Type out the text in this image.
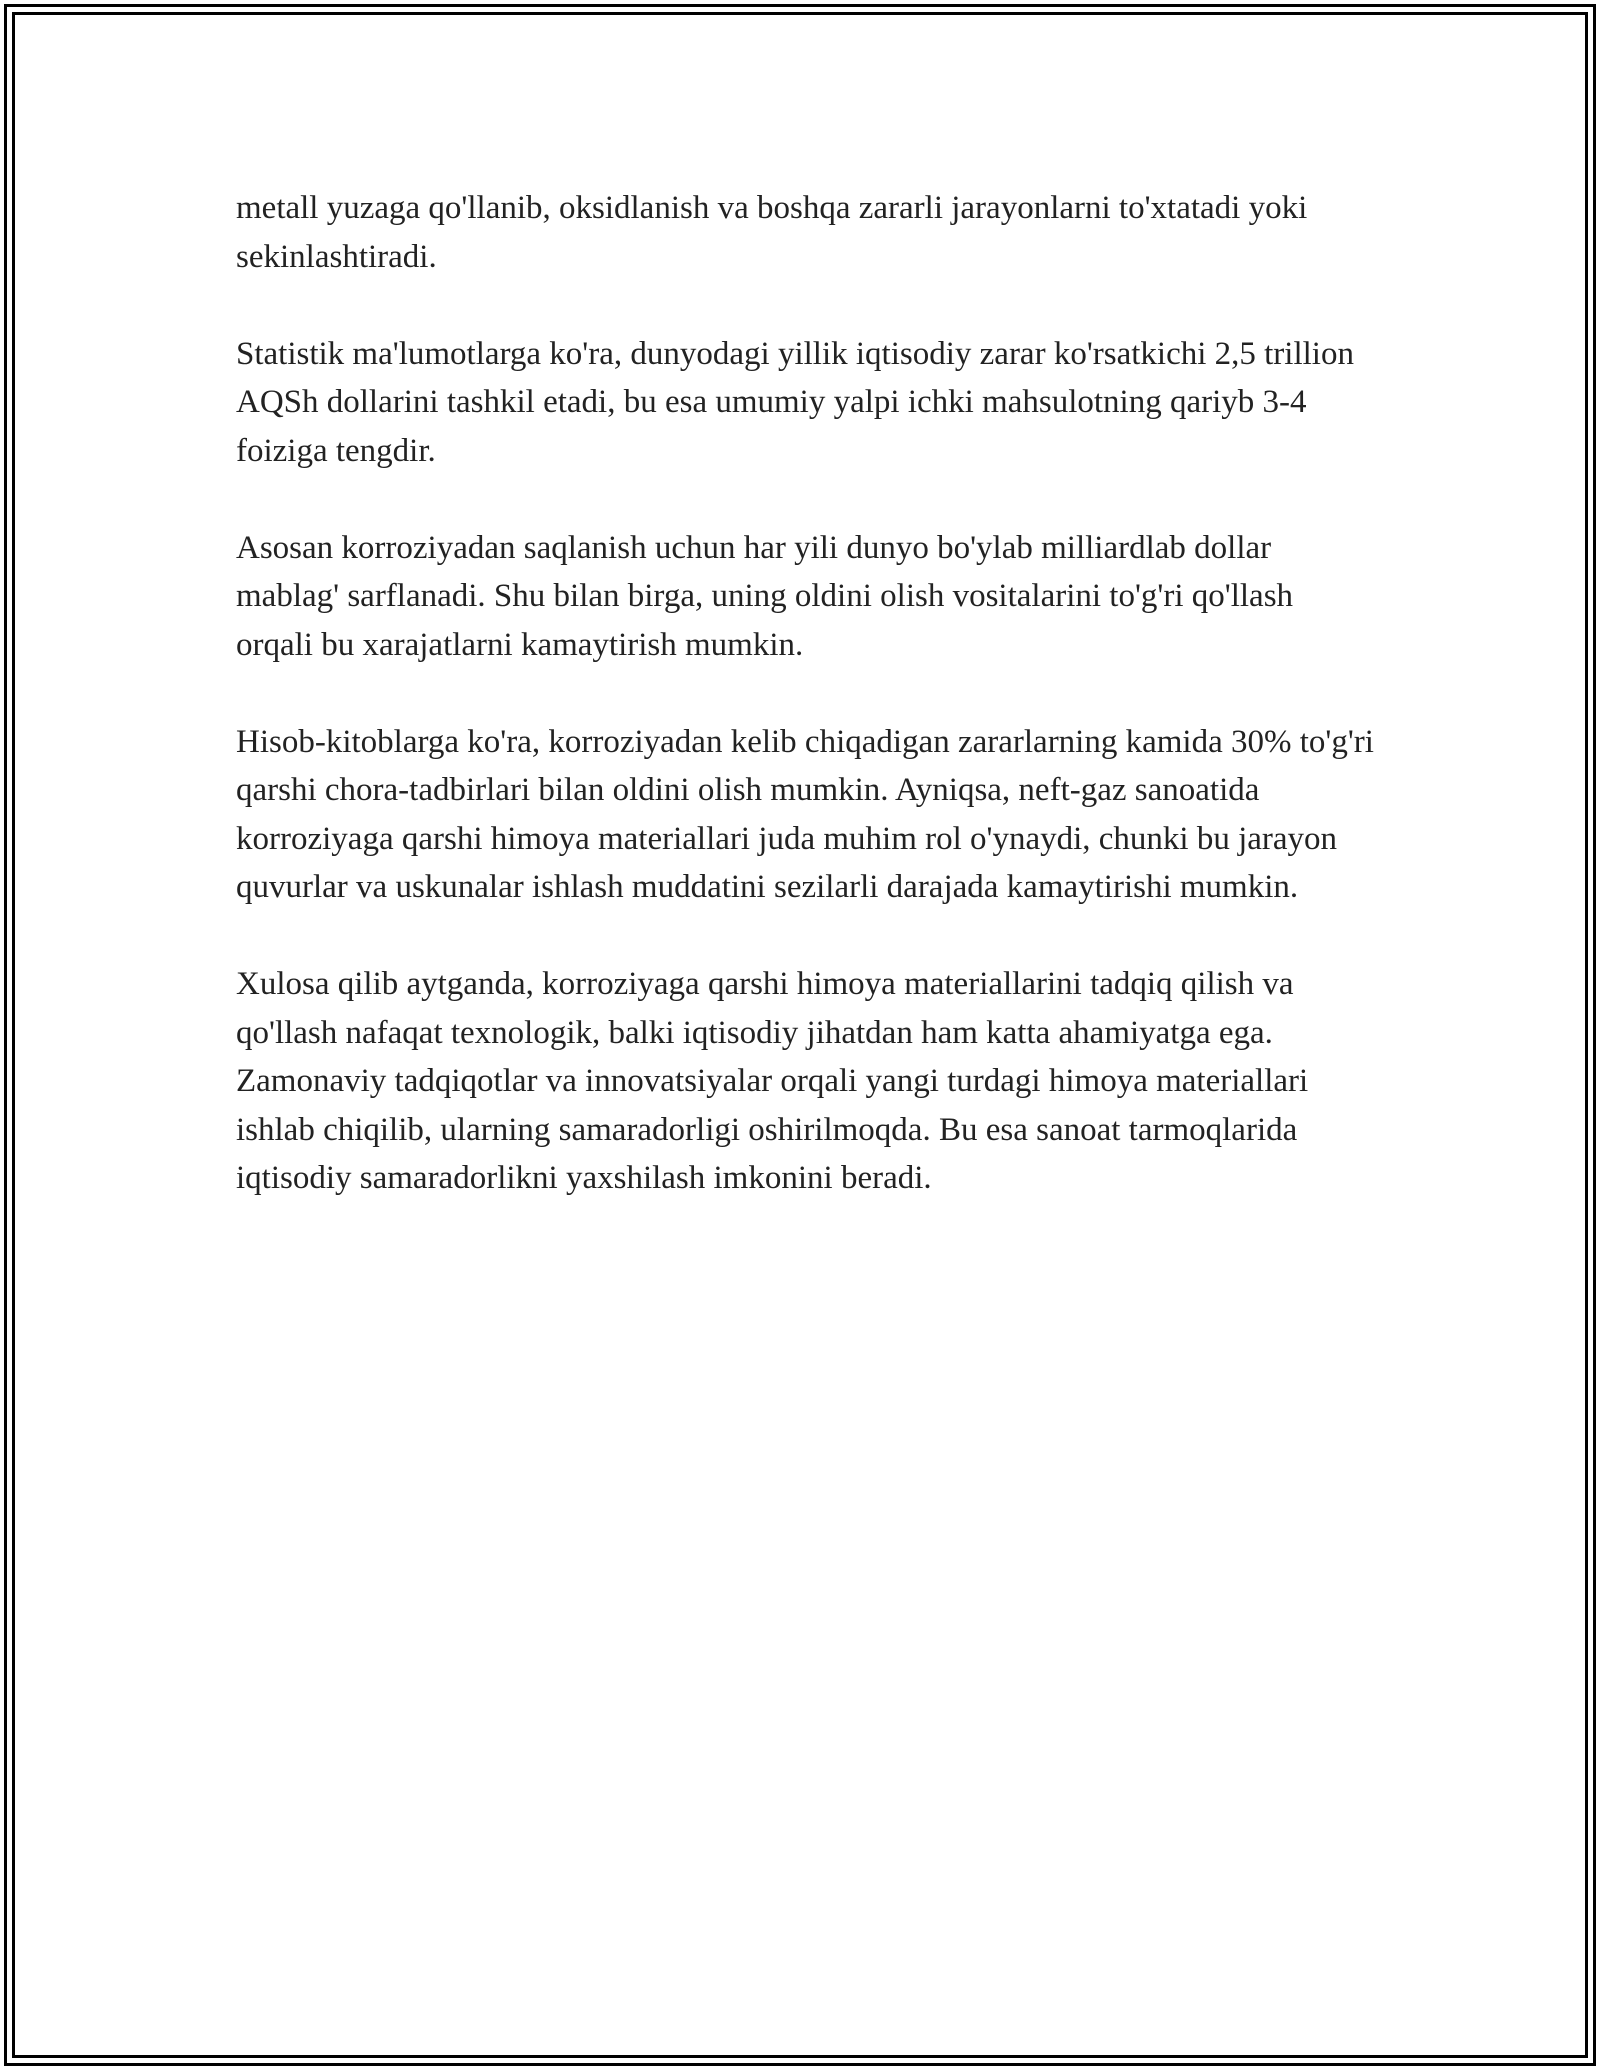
metall yuzaga qo'llanib, oksidlanish va boshqa zararli jarayonlarni to'xtatadi yoki sekinlashtiradi.

Statistik ma'lumotlarga ko'ra, dunyodagi yillik iqtisodiy zarar ko'rsatkichi 2,5 trillion AQSh dollarini tashkil etadi, bu esa umumiy yalpi ichki mahsulotning qariyb 3-4 foiziga tengdir.

Asosan korroziyadan saqlanish uchun har yili dunyo bo'ylab milliardlab dollar mablag' sarflanadi. Shu bilan birga, uning oldini olish vositalarini to'g'ri qo'llash orqali bu xarajatlarni kamaytirish mumkin.

Hisob-kitoblarga ko'ra, korroziyadan kelib chiqadigan zararlarning kamida 30% to'g'ri qarshi chora-tadbirlari bilan oldini olish mumkin. Ayniqsa, neft-gaz sanoatida korroziyaga qarshi himoya materiallari juda muhim rol o'ynaydi, chunki bu jarayon quvurlar va uskunalar ishlash muddatini sezilarli darajada kamaytirishi mumkin.

Xulosa qilib aytganda, korroziyaga qarshi himoya materiallarini tadqiq qilish va qo'llash nafaqat texnologik, balki iqtisodiy jihatdan ham katta ahamiyatga ega. Zamonaviy tadqiqotlar va innovatsiyalar orqali yangi turdagi himoya materiallari ishlab chiqilib, ularning samaradorligi oshirilmoqda. Bu esa sanoat tarmoqlarida iqtisodiy samaradorlikni yaxshilash imkonini beradi.
